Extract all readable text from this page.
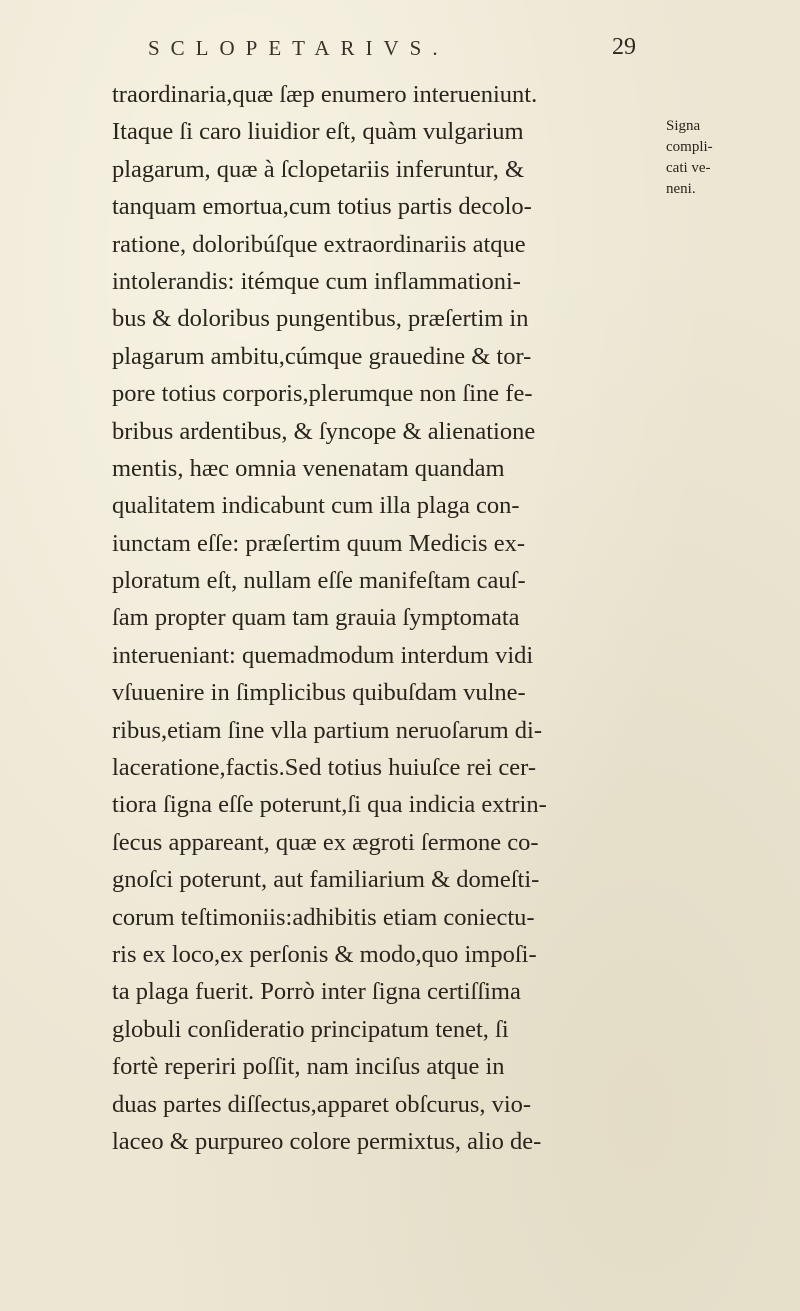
SCLOPETARIVS.	29
traordinaria,quæ ſæp enumero interueniunt.
Itaque ſi caro liuidior eſt, quàm vulgarium
plagarum, quæ à ſclopetariis inferuntur, &
tanquam emortua,cum totius partis decolo-
ratione, doloribúſque extraordinariis atque
intolerandis: itémque cum inflammationi-
bus & doloribus pungentibus, præſertim in
plagarum ambitu,cúmque grauedine & tor-
pore totius corporis,plerumque non ſine fe-
bribus ardentibus, & ſyncope & alienatione
mentis, hæc omnia venenatam quandam
qualitatem indicabunt cum illa plaga con-
iunctam eſſe: præſertim quum Medicis ex-
ploratum eſt, nullam eſſe manifeſtam cauſ-
ſam propter quam tam grauia ſymptomata
interueniant: quemadmodum interdum vidi
vſuuenire in ſimplicibus quibuſdam vulne-
ribus,etiam ſine vlla partium neruoſarum di-
laceratione,factis.Sed totius huiuſce rei cer-
tiora ſigna eſſe poterunt,ſi qua indicia extrin-
ſecus appareant, quæ ex ægroti ſermone co-
gnoſci poterunt, aut familiarium & domeſti-
corum teſtimoniis:adhibitis etiam coniectu-
ris ex loco,ex perſonis & modo,quo impoſi-
ta plaga fuerit. Porrò inter ſigna certiſſima
globuli conſideratio principatum tenet, ſi
fortè reperiri poſſit, nam inciſus atque in
duas partes diſſectus,apparet obſcurus, vio-
laceo & purpureo colore permixtus, alio de-
Signa
compli-
cati ve-
neni.
